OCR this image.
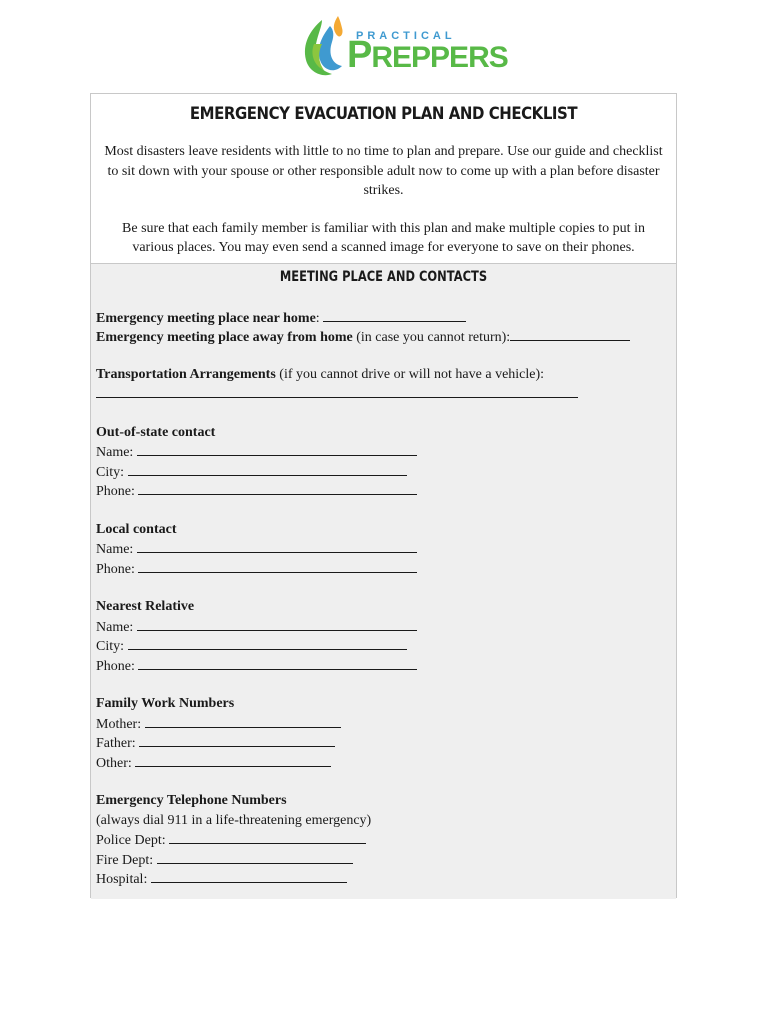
PRACTICAL
PREPPERS
EMERGENCY EVACUATION PLAN AND CHECKLIST

Most disasters leave residents with little to no time to plan and prepare. Use our guide and checklist to sit down with your spouse or other responsible adult now to come up with a plan before disaster strikes.

Be sure that each family member is familiar with this plan and make multiple copies to put in various places. You may even send a scanned image for everyone to save on their phones.

MEETING PLACE AND CONTACTS
Emergency meeting place near home:
Emergency meeting place away from home (in case you cannot return):
Transportation Arrangements (if you cannot drive or will not have a vehicle):
Out-of-state contact
Name:
City:
Phone:
Local contact
Name:
Phone:
Nearest Relative
Name:
City:
Phone:
Family Work Numbers
Mother:
Father:
Other:
Emergency Telephone Numbers
(always dial 911 in a life-threatening emergency)
Police Dept:
Fire Dept:
Hospital:
